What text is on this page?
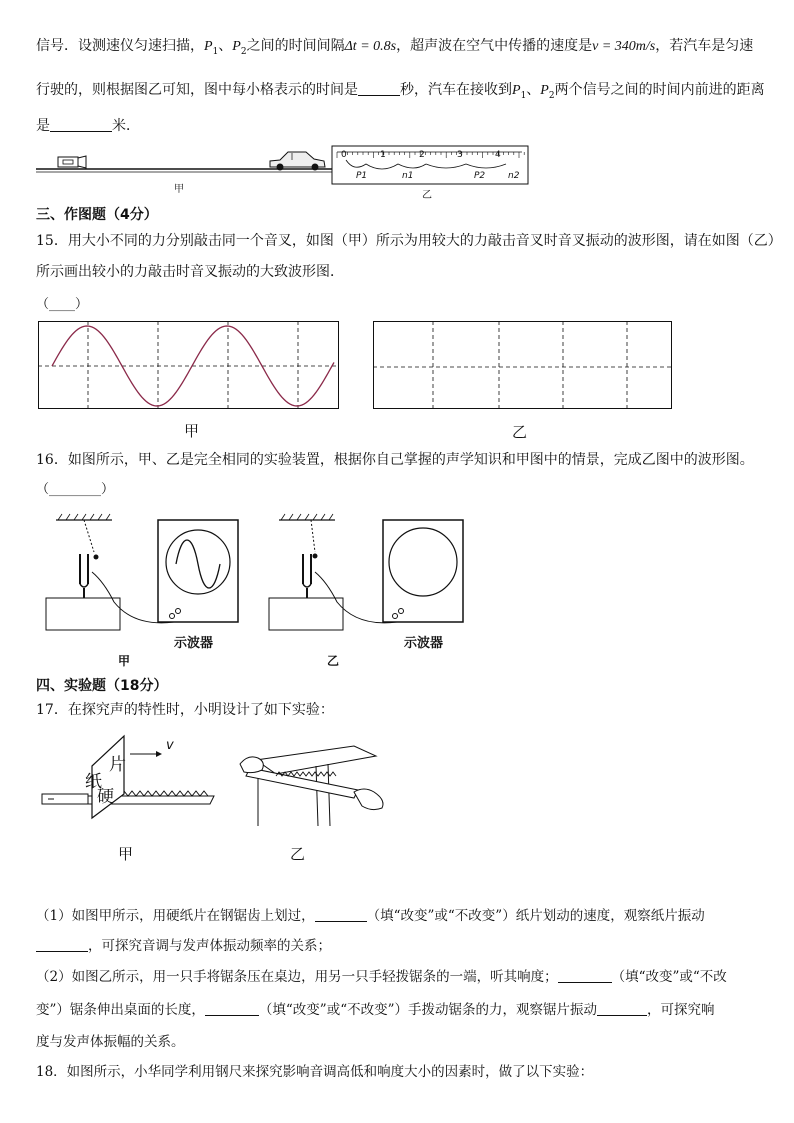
信号．设测速仪匀速扫描，$P_1$、$P_2$之间的时间间隔Δt = 0.8s，超声波在空气中传播的速度是v = 340m/s，若汽车是匀速
行驶的，则根据图乙可知，图中每小格表示的时间是	秒，汽车在接收到$P_1$、$P_2$两个信号之间的时间内前进的距离
是	米．
0	1	2	3	4
P1	n1	P2	n2
甲
乙
三、作图题（4分）
15．用大小不同的力分别敲击同一个音叉，如图（甲）所示为用较大的力敲击音叉时音叉振动的波形图，请在如图（乙）
所示画出较小的力敲击时音叉振动的大致波形图．
（____）
甲	乙
16．如图所示，甲、乙是完全相同的实验装置，根据你自己掌握的声学知识和甲图中的情景，完成乙图中的波形图。
（________）
示波器
甲
示波器
乙
四、实验题（18分）
17．在探究声的特性时，小明设计了如下实验：
纸
片
硬
v
甲	乙
（1）如图甲所示，用硬纸片在钢锯齿上划过，	（填“改变”或“不改变”）纸片划动的速度，观察纸片振动
，可探究音调与发声体振动频率的关系；
（2）如图乙所示，用一只手将锯条压在桌边，用另一只手轻拨锯条的一端，听其响度；	（填“改变”或“不改
变”）锯条伸出桌面的长度，	（填“改变”或“不改变”）手拨动锯条的力，观察锯片振动	，可探究响
度与发声体振幅的关系。
18．如图所示，小华同学利用钢尺来探究影响音调高低和响度大小的因素时，做了以下实验：
